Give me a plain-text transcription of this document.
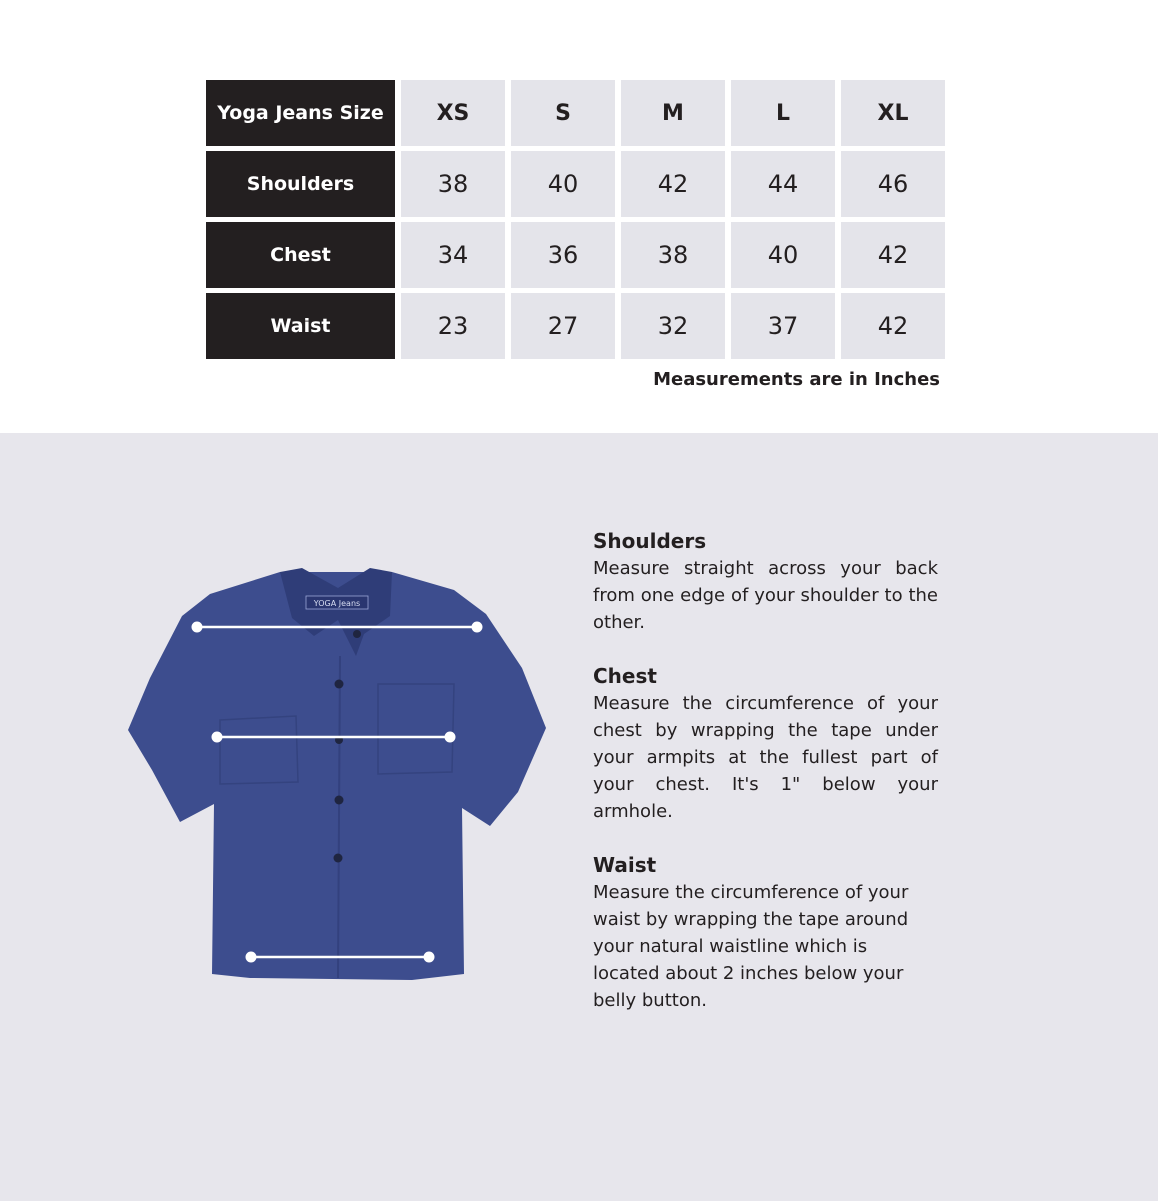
Yoga Jeans Size	XS	S	M	L	XL
Shoulders	38	40	42	44	46
Chest	34	36	38	40	42
Waist	23	27	32	37	42
Measurements are in Inches
YOGA Jeans
Shoulders

Measure straight across your back from one edge of your shoulder to the other.

Chest

Measure the circumference of your chest by wrapping the tape under your armpits at the fullest part of your chest. It's 1" below your armhole.

Waist

Measure the circumference of your waist by wrapping the tape around your natural waistline which is located about 2 inches below your belly button.
